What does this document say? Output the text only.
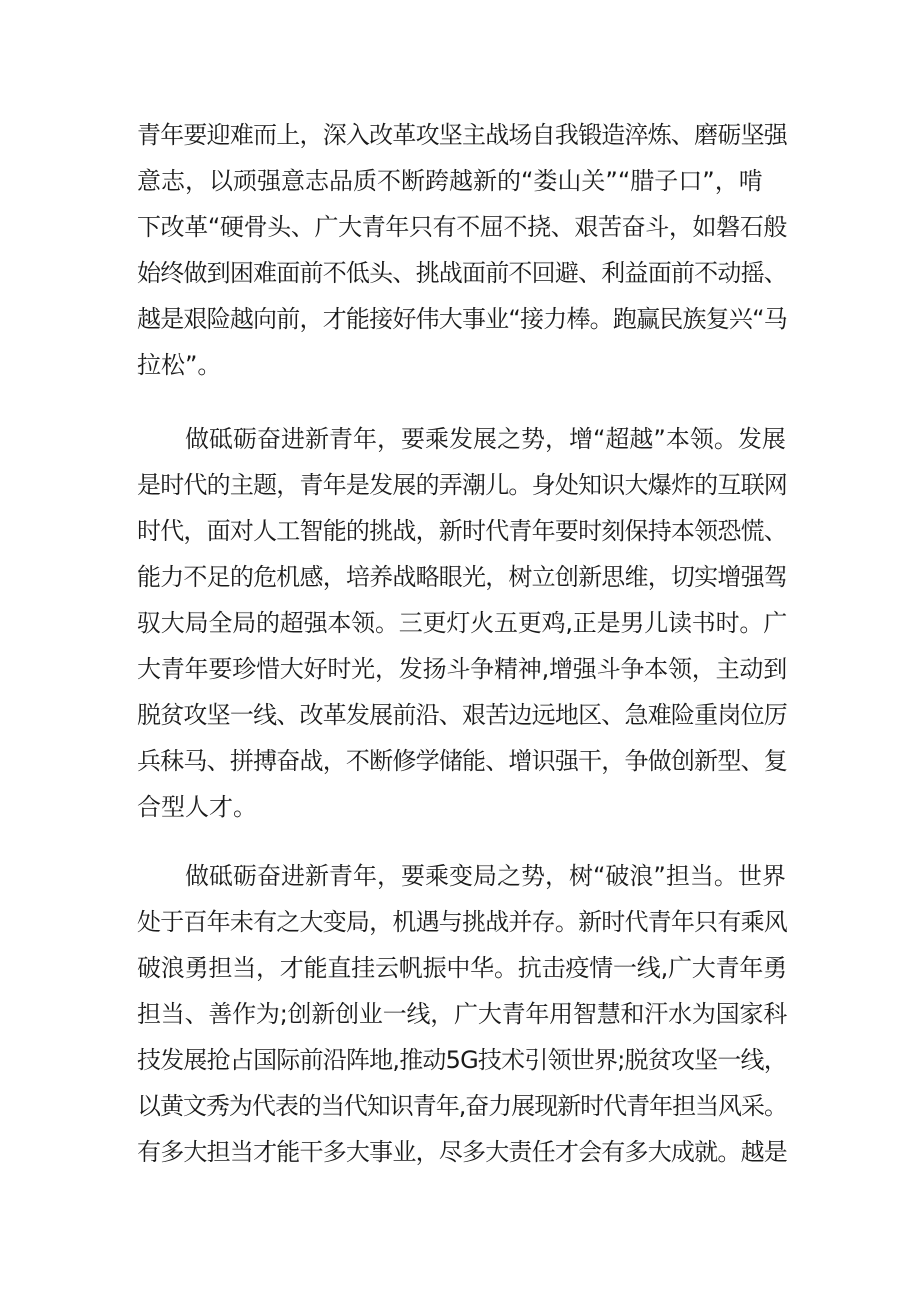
青年要迎难而上，深入改革攻坚主战场自我锻造淬炼、磨砺坚强
意志，以顽强意志品质不断跨越新的“娄山关”“腊子口”，啃
下改革“硬骨头、广大青年只有不屈不挠、艰苦奋斗，如磐石般
始终做到困难面前不低头、挑战面前不回避、利益面前不动摇、
越是艰险越向前，才能接好伟大事业“接力棒。跑赢民族复兴“马
拉松”。
做砥砺奋进新青年，要乘发展之势，增“超越”本领。发展
是时代的主题，青年是发展的弄潮儿。身处知识大爆炸的互联网
时代，面对人工智能的挑战，新时代青年要时刻保持本领恐慌、
能力不足的危机感，培养战略眼光，树立创新思维，切实增强驾
驭大局全局的超强本领。三更灯火五更鸡,正是男儿读书时。广
大青年要珍惜大好时光，发扬斗争精神,增强斗争本领，主动到
脱贫攻坚一线、改革发展前沿、艰苦边远地区、急难险重岗位厉
兵秣马、拼搏奋战，不断修学储能、增识强干，争做创新型、复
合型人才。
做砥砺奋进新青年，要乘变局之势，树“破浪”担当。世界
处于百年未有之大变局，机遇与挑战并存。新时代青年只有乘风
破浪勇担当，才能直挂云帆振中华。抗击疫情一线,广大青年勇
担当、善作为;创新创业一线，广大青年用智慧和汗水为国家科
技发展抢占国际前沿阵地,推动5G技术引领世界;脱贫攻坚一线，
以黄文秀为代表的当代知识青年,奋力展现新时代青年担当风采。
有多大担当才能干多大事业，尽多大责任才会有多大成就。越是
